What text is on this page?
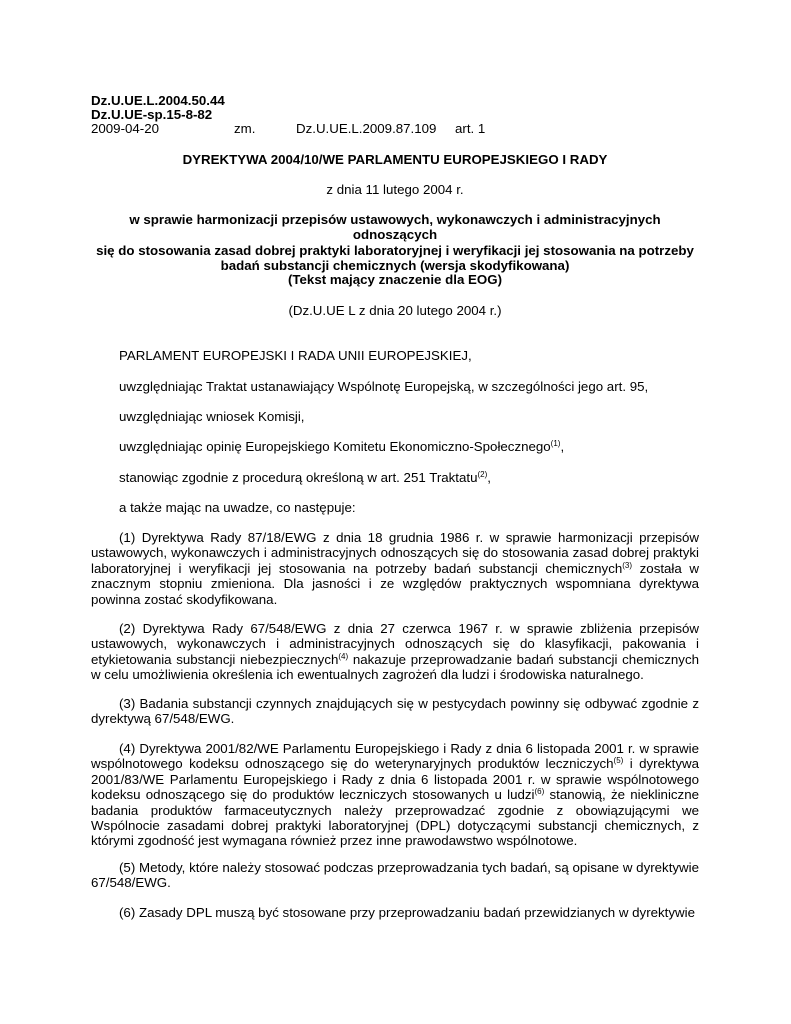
Dz.U.UE.L.2004.50.44
Dz.U.UE-sp.15-8-82
2009-04-20	zm.	Dz.U.UE.L.2009.87.109 art. 1
DYREKTYWA 2004/10/WE PARLAMENTU EUROPEJSKIEGO I RADY
z dnia 11 lutego 2004 r.
w sprawie harmonizacji przepisów ustawowych, wykonawczych i administracyjnych odnoszących
się do stosowania zasad dobrej praktyki laboratoryjnej i weryfikacji jej stosowania na potrzeby
badań substancji chemicznych (wersja skodyfikowana)
(Tekst mający znaczenie dla EOG)
(Dz.U.UE L z dnia 20 lutego 2004 r.)
PARLAMENT EUROPEJSKI I RADA UNII EUROPEJSKIEJ,
uwzględniając Traktat ustanawiający Wspólnotę Europejską, w szczególności jego art. 95,
uwzględniając wniosek Komisji,
uwzględniając opinię Europejskiego Komitetu Ekonomiczno-Społecznego$^{(1)}$,
stanowiąc zgodnie z procedurą określoną w art. 251 Traktatu$^{(2)}$,
a także mając na uwadze, co następuje:
(1) Dyrektywa Rady 87/18/EWG z dnia 18 grudnia 1986 r. w sprawie harmonizacji przepisów ustawowych, wykonawczych i administracyjnych odnoszących się do stosowania zasad dobrej praktyki laboratoryjnej i weryfikacji jej stosowania na potrzeby badań substancji chemicznych$^{(3)}$ została w znacznym stopniu zmieniona. Dla jasności i ze względów praktycznych wspomniana dyrektywa powinna zostać skodyfikowana.
(2) Dyrektywa Rady 67/548/EWG z dnia 27 czerwca 1967 r. w sprawie zbliżenia przepisów ustawowych, wykonawczych i administracyjnych odnoszących się do klasyfikacji, pakowania i etykietowania substancji niebezpiecznych$^{(4)}$ nakazuje przeprowadzanie badań substancji chemicznych w celu umożliwienia określenia ich ewentualnych zagrożeń dla ludzi i środowiska naturalnego.
(3) Badania substancji czynnych znajdujących się w pestycydach powinny się odbywać zgodnie z dyrektywą 67/548/EWG.
(4) Dyrektywa 2001/82/WE Parlamentu Europejskiego i Rady z dnia 6 listopada 2001 r. w sprawie wspólnotowego kodeksu odnoszącego się do weterynaryjnych produktów leczniczych$^{(5)}$ i dyrektywa 2001/83/WE Parlamentu Europejskiego i Rady z dnia 6 listopada 2001 r. w sprawie wspólnotowego kodeksu odnoszącego się do produktów leczniczych stosowanych u ludzi$^{(6)}$ stanowią, że niekliniczne badania produktów farmaceutycznych należy przeprowadzać zgodnie z obowiązującymi we Wspólnocie zasadami dobrej praktyki laboratoryjnej (DPL) dotyczącymi substancji chemicznych, z którymi zgodność jest wymagana również przez inne prawodawstwo wspólnotowe.
(5) Metody, które należy stosować podczas przeprowadzania tych badań, są opisane w dyrektywie 67/548/EWG.
(6) Zasady DPL muszą być stosowane przy przeprowadzaniu badań przewidzianych w dyrektywie
